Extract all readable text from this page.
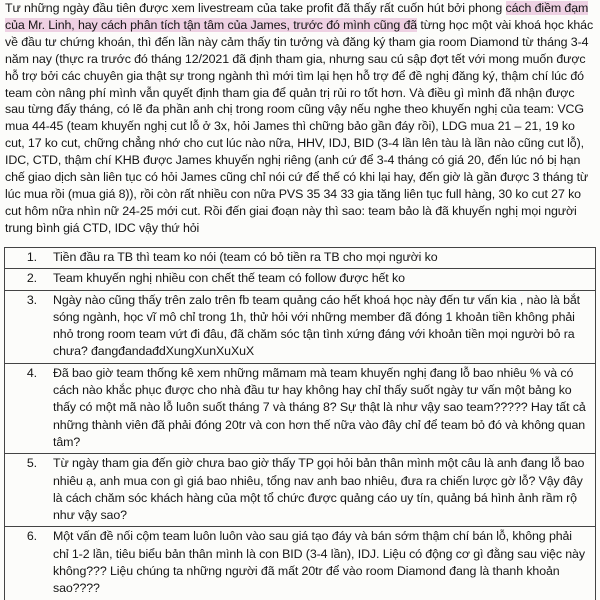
Tư những ngày đầu tiên được xem livestream của take profit đã thấy rất cuốn hút bởi phong cách điềm đạm của Mr. Linh, hay cách phân tích tận tâm của James, trước đó mình cũng đã từng học một vài khoá học khác về đầu tư chứng khoán, thì đến lần này cảm thấy tin tưởng và đăng ký tham gia room Diamond từ tháng 3-4 năm nay (thực ra trước đó tháng 12/2021 đã định tham gia, nhưng sau cú sập đợt tết với mong muốn được hỗ trợ bởi các chuyên gia thật sự trong ngành thì mới tìm lại hẹn hỗ trợ để đề nghị đăng ký, thậm chí lúc đó team còn nâng phí mình vẫn quyết định tham gia để quản trị rủi ro tốt hơn. Và điều gì mình đã nhận được sau từng đấy tháng, có lẽ đa phần anh chị trong room cũng vậy nếu nghe theo khuyến nghị của team: VCG mua 44-45 (team khuyến nghị cut lỗ ở 3x, hỏi James thì chững bảo gần đáy rồi), LDG mua 21 – 21, 19 ko cut, 17 ko cut, chững chẳng nhớ cho cut lúc nào nữa, HHV, IDJ, BID (3-4 lần lên tàu là lần nào cũng cut lỗ), IDC, CTD, thậm chí KHB được James khuyến nghị riêng (anh cứ để 3-4 tháng có giá 20, đến lúc nó bị hạn chế giao dịch sàn liên tục có hỏi James cũng chỉ nói cứ để thế có khi lại hay, đến giờ là gần được 3 tháng từ lúc mua rồi (mua giá 8)), rồi còn rất nhiều con nữa PVS 35 34 33 gia tăng liên tục full hàng, 30 ko cut 27 ko cut hôm nữa nhìn nữ 24-25 mới cut. Rồi đến giai đoạn này thì sao: team bảo là đã khuyến nghị mọi người trung bình giá CTD, IDC vậy thứ hỏi
1.	Tiền đầu ra TB thì team ko nói (team có bỏ tiền ra TB cho mọi người ko
2.	Team khuyến nghị nhiều con chết thế team có follow được hết ko
3.	Ngày nào cũng thấy trên zalo trên fb team quảng cáo hết khoá học này đến tư vấn kia , nào là bắt sóng ngành, học vĩ mô chỉ trong 1h, thử hỏi với những member đã đóng 1 khoản tiền không phải nhỏ trong room team vứt đi đâu, đã chăm sóc tận tình xứng đáng với khoản tiền mọi người bỏ ra chưa? đangđandađdXungXunXuXuX
4.	Đã bao giờ team thống kê xem những mãmam mà team khuyến nghị đang lỗ bao nhiêu % và có cách nào khắc phục được cho nhà đầu tư hay không hay chỉ thấy suốt ngày tư vấn một bảng ko thấy có một mã nào lỗ luôn suốt tháng 7 và tháng 8? Sự thật là như vậy sao team????? Hay tất cả những thành viên đã phải đóng 20tr và con hơn thế nữa vào đây chỉ để team bỏ đó và không quan tâm?
5.	Từ ngày tham gia đến giờ chưa bao giờ thấy TP gọi hỏi bản thân mình một câu là anh đang lỗ bao nhiêu ạ, anh mua con gì giá bao nhiêu, tổng nav anh bao nhiêu, đưa ra chiến lược gờ lỗ? Vậy đây là cách chăm sóc khách hàng của một tổ chức được quảng cáo uy tín, quảng bá hình ảnh rầm rộ như vậy sao?
6.	Một vấn đề nối cộm team luôn luôn vào sau giá tạo đáy và bán sớm thậm chí bán lỗ, không phải chỉ 1-2 lần, tiêu biểu bản thân mình là con BID (3-4 lần), IDJ. Liệu có động cơ gì đằng sau việc này không??? Liệu chúng ta những người đã mất 20tr để vào room Diamond đang là thanh khoản sao????
